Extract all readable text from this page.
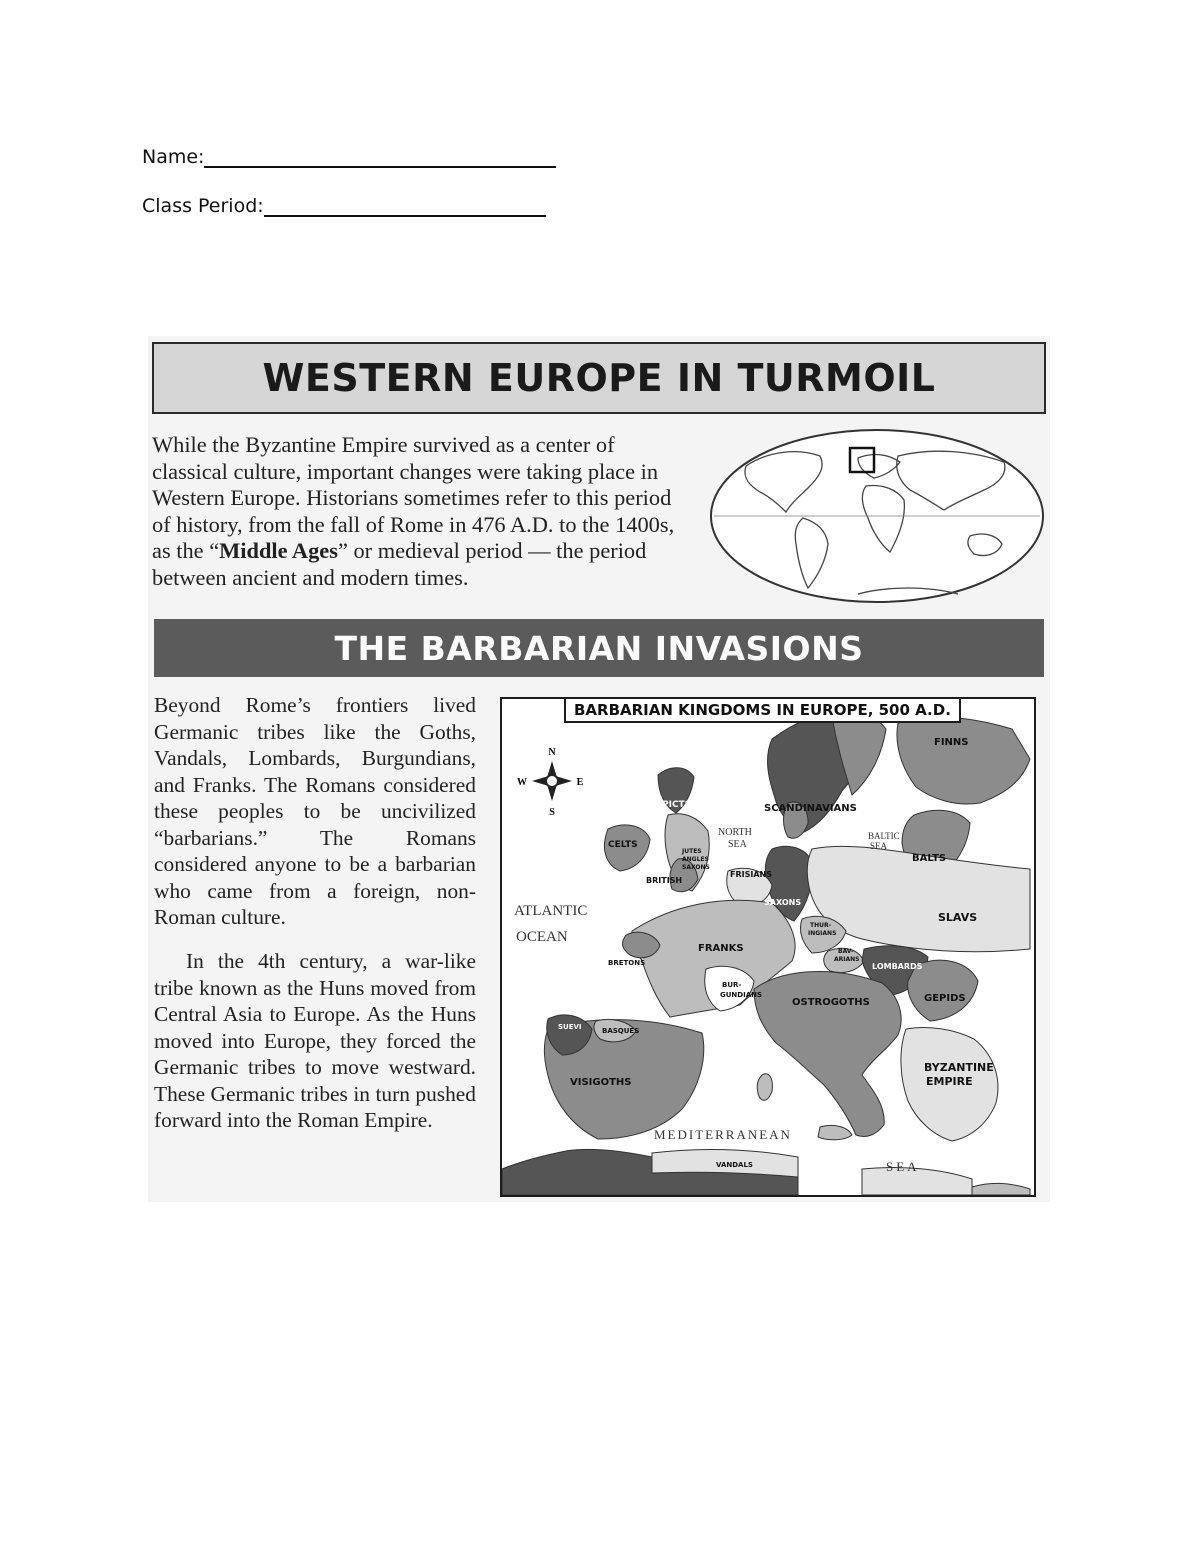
Name:
Class Period:
WESTERN EUROPE IN TURMOIL

While the Byzantine Empire survived as a center of classical culture, important changes were taking place in Western Europe. Historians sometimes refer to this period of history, from the fall of Rome in 476 A.D. to the 1400s, as the “Middle Ages” or medieval period — the period between ancient and modern times.

THE BARBARIAN INVASIONS

Beyond Rome’s frontiers lived Germanic tribes like the Goths, Vandals, Lombards, Burgundians, and Franks. The Romans considered these peoples to be uncivilized “barbarians.” The Romans considered anyone to be a barbarian who came from a foreign, non-Roman culture.

In the 4th century, a war-like tribe known as the Huns moved from Central Asia to Europe. As the Huns moved into Europe, they forced the Germanic tribes to move westward. These Germanic tribes in turn pushed forward into the Roman Empire.

N
S
E
W
ATLANTIC
OCEAN
NORTH
SEA
BALTIC
SEA
MEDITERRANEAN
SEA
FINNS
PICTS	SCANDINAVIANS
CELTS
JUTES
ANGLES
SAXONS
BRITISH
FRISIANS
BALTS
SAXONS
THUR-
INGIANS
SLAVS
FRANKS
BRETONS
BAV-
ARIANS
LOMBARDS
BUR-
GUNDIANS
OSTROGOTHS	GEPIDS
SUEVI	BASQUES
VISIGOTHS
BYZANTINE
EMPIRE
VANDALS
BARBARIAN KINGDOMS IN EUROPE, 500 A.D.
